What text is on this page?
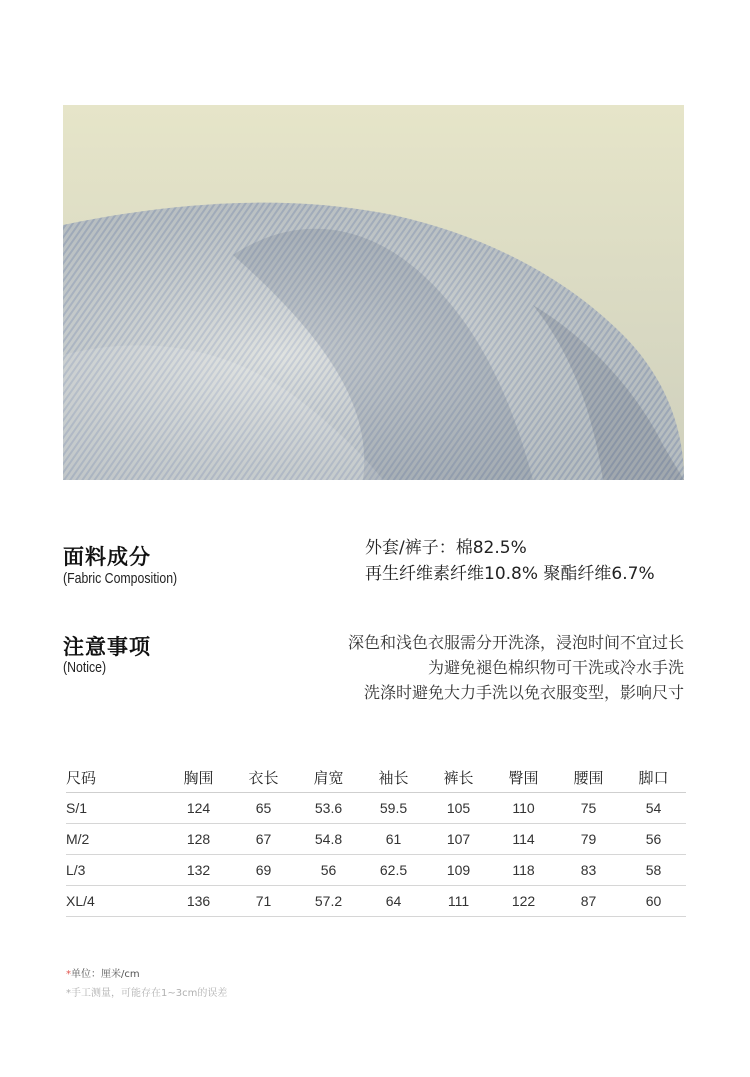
面料成分
(Fabric Composition)
外套/裤子：棉82.5%
再生纤维素纤维10.8% 聚酯纤维6.7%
注意事项
(Notice)
深色和浅色衣服需分开洗涤，浸泡时间不宜过长
为避免褪色棉织物可干洗或冷水手洗
洗涤时避免大力手洗以免衣服变型，影响尺寸
尺码	胸围	衣长	肩宽	袖长	裤长	臀围	腰围	脚口
S/1	124	65	53.6	59.5	105	110	75	54
M/2	128	67	54.8	61	107	114	79	56
L/3	132	69	56	62.5	109	118	83	58
XL/4	136	71	57.2	64	111	122	87	60
*单位：厘米/cm
*手工测量，可能存在1~3cm的误差
